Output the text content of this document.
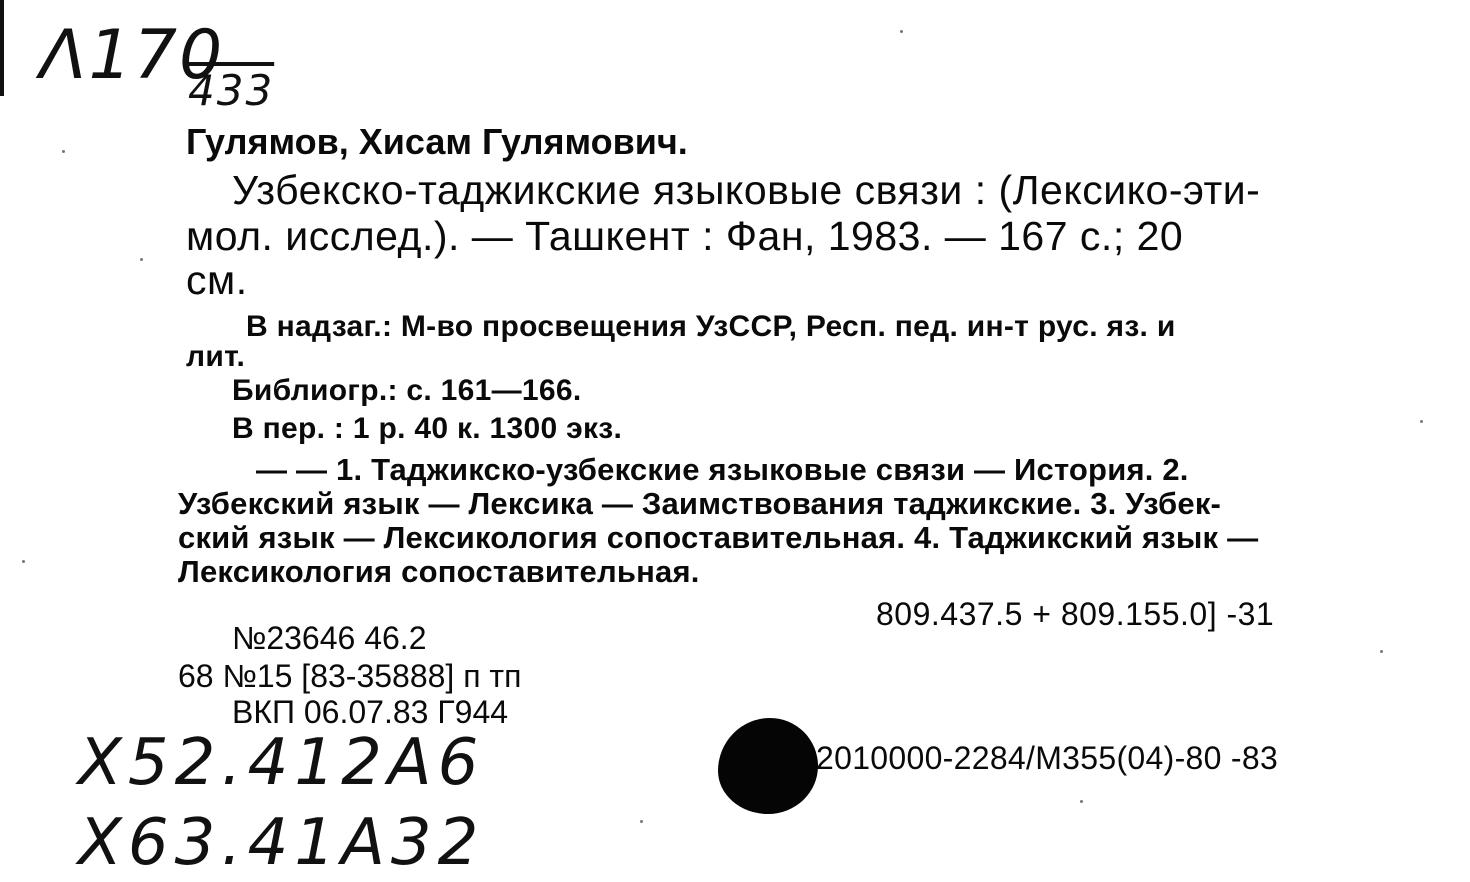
Λ170
433
Гулямов, Хисам Гулямович.
Узбекско-таджикские языковые связи : (Лексико-эти-
мол. исслед.). — Ташкент : Фан, 1983. — 167 с.; 20
см.
В надзаг.: М-во просвещения УзССР, Респ. пед. ин-т рус. яз. и
лит.
Библиогр.: с. 161—166.
В пер. : 1 р. 40 к. 1300 экз.
— — 1. Таджикско-узбекские языковые связи — История. 2.
Узбекский язык — Лексика — Заимствования таджикские. 3. Узбек-
ский язык — Лексикология сопоставительная. 4. Таджикский язык —
Лексикология сопоставительная.
809.437.5 + 809.155.0] -31
№23646 46.2
68 №15 [83-35888] п тп
ВКП 06.07.83 Г944
2010000-2284/М355(04)-80 -83
X52.412A6
X63.41A32
